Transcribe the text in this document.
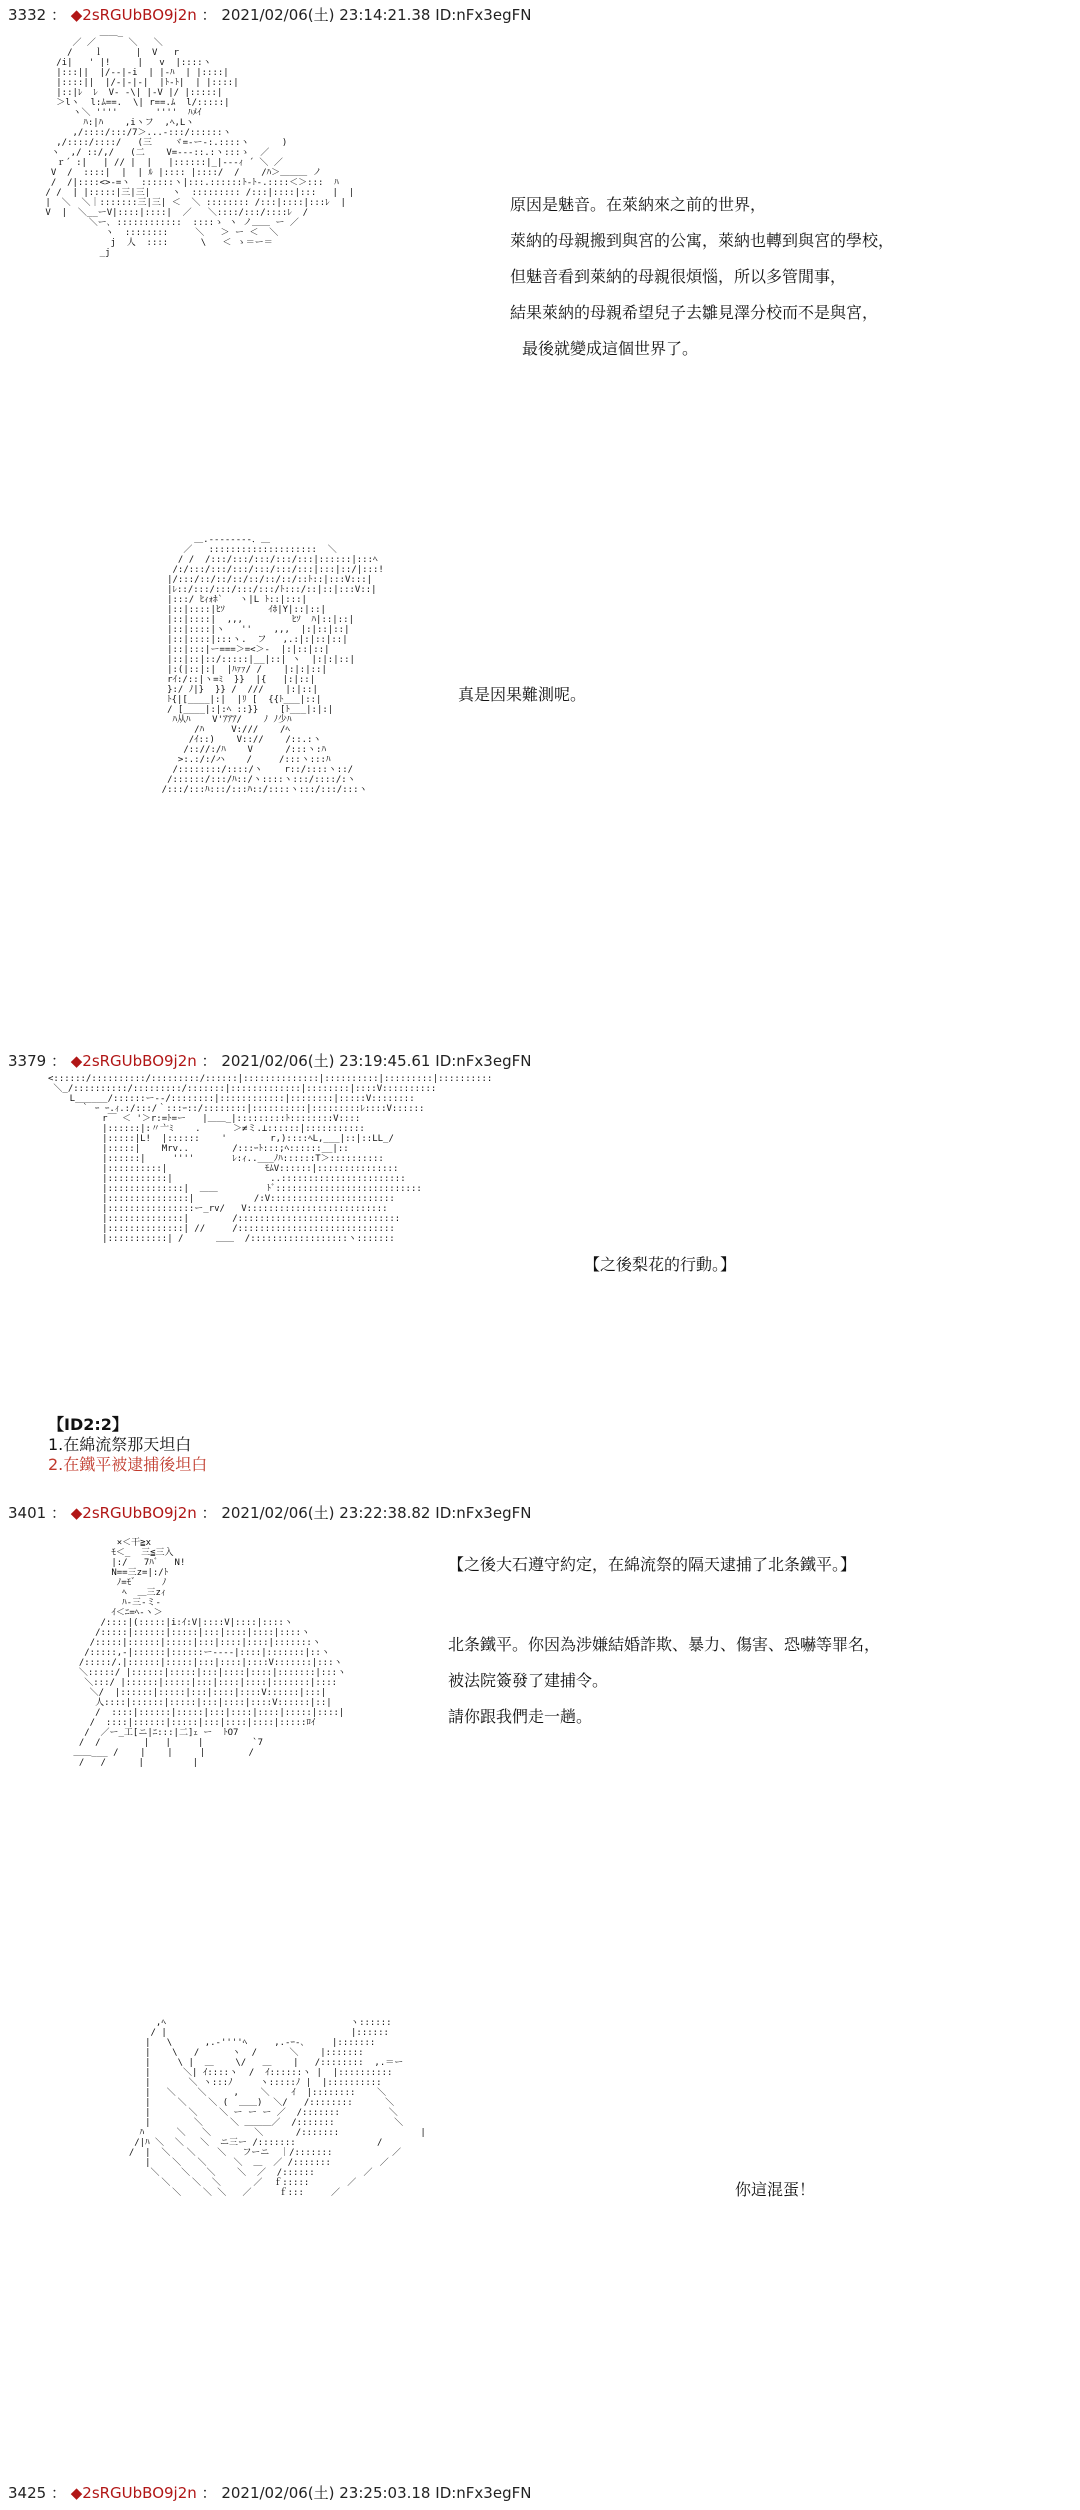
3332 ： ◆2sRGUbBO9j2n ： 2021/02/06(土) 23:14:21.38 ID:nFx3egFN
＿＿_
／ ／      ＼   ＼
/    ｌ      |  V   r
/i|   ' |!     |   v  |::::ヽ
|:::||  |/--|-i  | |-ﾊ  | |::::|
|::::||  |/-|-|-|  |ﾄ-ﾄ|  | |::::|
|::|ﾚ  ﾚ  V- -\| |-V |/ |:::::|
＞lヽ  l:ﾑ==.  \| r==.ﾑ  l/:::::|
ヽ＼ ''''       ''''  ﾊﾒｲ
ﾊ:|ﾊ    ,iヽフ  ,ﾍ,Lヽ
,/::::/:::/7＞...-:::/::::::ヽ
,/::::/::::/   (三    ヾ=-ー‐:.::::ヽ      )
ヽ  ,/ ::/,/   (二    V=--‐::.:ヽ:::ゝ  ／
ｒ´ :|   | // |  |   |::::::|_|-‐-ｨ ´ ＼ ／
V  /  ::::|  |  | ﾙ |:::: |::::/  /    /ﾊ＞＿＿＿ ノ
/  /|::::<>-=ヽ  ::::::ヽ|:::.::::::ﾄ-ﾄ-.::::＜＞:::  ﾊ
/ /  | |:::::|三|三|    ヽ  ::::::::: /:::|::::|:::   |  |
|  ＼  ＼｜:::::::三|三| ＜  ＼ :::::::: /:::|::::|:::ﾚ  |
V  |  ＼__ーV|::::|::::|  ／   ＼::::/:::/::::ﾚ  /
＼ー､ ::::::::::::  ::::ゝ ヽ ノ＿＿ ー ／
ヽ  ::::::::     ＼   ＞ ー ＜  ＼
j  人  ::::      \   ＜ ゝ＝ー＝
_j
原因是魅音。在萊納來之前的世界，
萊納的母親搬到與宮的公寓，萊納也轉到與宮的學校，
但魅音看到萊納的母親很煩惱，所以多管閒事，
結果萊納的母親希望兒子去雛見澤分校而不是與宮，
最後就變成這個世界了。
＿.-‐‐‐‐‐‐-．＿
／   ::::::::::::::::::::  ＼
/ /  /:::/:::/:::/:::/:::|::::::|:::ﾍ
/:/:::/:::/:::/:::/:::/:::|:::|::/|:::!
|/:::/::/::/::/::/::/::/::ﾄ::|:::V:::|
|ﾚ::/:::/:::/:::/:::/ﾄ:::/::|::|:::V::|
|:::/ ﾋｨｫﾎ`   ヽ|L ﾄ::|:::|
|::|::::|ﾋｿ        ｲﾎ|Y|::|::|
|::|::::|  ,,,         ﾋｿ  ﾊ|::|::|
|::|::::|ヽ   ''    ,,,  |:|::|::|
|::|::::|:::ヽ.  フ   ,.:|:|::|::|
|::|:::|ー===＞=<＞-  |:|::|::|
|::|::|::/:::::|__|::| ヽ  |:|:|::|
|:(|::|:|  |ﾊｧｧ/ /    |:|:|::|
rｲ:/::|ヽ=ﾐ  }}  |{   |:|::|
}:/ ﾉ|}  }} /  ///    |:|::|
ﾄ{|[____|:|  |ﾘ [  {{ﾄ___|::|
/ [____|:|:ﾍ ::}}    [ﾄ___|:|:|
ﾊ从ﾊ    V'ｱｱｱ/    ﾉ ﾉ少ﾊ
/ﾊ     V:///    /ﾍ
/ｲ::)    V:://    /::.:ヽ
/:://:/ﾊ    V      /:::ヽ:ﾊ
>:.:/:/ハ    /     /:::ヽ:::ﾊ
/::::::::/::::/ヽ    r::/::::ヽ::/
/::::::/:::/ﾊ::/ヽ::::ヽ:::/::::/:ヽ
/:::/:::ﾊ:::/:::ﾊ::/::::ヽ:::/:::/:::ヽ
真是因果難測呢。
3379 ： ◆2sRGUbBO9j2n ： 2021/02/06(土) 23:19:45.61 ID:nFx3egFN
<::::::/::::::::::/:::::::::/::::::|::::::::::::::|::::::::::|:::::::::|::::::::::
＼_/::::::::::/:::::::::/:::::::|:::::::::::::|::::::::|::::V::::::::::
L______/::::::ー‐‐/::::::::|::::::::::::|::::::::|:::::V::::::::
｀ ｰ ｰ.ｨ.:/:::/｀:::ｰ::/::::::::|::::::::::|:::::::::ﾚ::::V::::::
r￣ ＜ '＞r:=ﾄ=ー   |＿＿_|:::::::::ﾄ::::::::V::::
|::::::|:〃亠ﾐ    .      ＞≠ミ.⊥::::::|:::::::::::
|:::::|L!  |::::::    '        r,)::::ﾍL,___|::|::LL_/
|:::::|    Mrv..        /:::ｰﾄ:::;ﾍ::::::__|::
|::::::|     ''''       ﾚ:ｨ..___ﾉﾊ::::::T＞::::::::::
|::::::::::|                  ﾓﾑV::::::|:::::::::::::::
|:::::::::::|                  ..:::::::::::::::::::::::
|::::::::::::::|  ＿＿         ﾄﾞ:::::::::::::::::::::::::::
|:::::::::::::::|           /:V:::::::::::::::::::::::
|::::::::::::::::ー_rv/   V::::::::::::::::::::::::::
|::::::::::::::|        /::::::::::::::::::::::::::::::
|::::::::::::::| //     /:::::::::::::::::::::::::::::
|:::::::::::| /      ＿＿  /::::::::::::::::::ヽ:::::::
【之後梨花的行動。】
【ID2:2】
1.在綿流祭那天坦白
2.在鐵平被逮捕後坦白
3401 ： ◆2sRGUbBO9j2n ： 2021/02/06(土) 23:22:38.82 ID:nFx3egFN
×＜干≧x
ﾓ＜_  三≦三入
|:/   7ﾊﾞ   N!
N==三z=|:/ﾄ
ﾉ=ﾓ゛    ﾉ
ﾍ  ＿三zｨ
ﾊ-三-ミ-
ｲ＜ﾆ=ﾍ-ヽ＞
/::::|(:::::|i:ｲ:V|::::V|::::|::::ヽ
/:::::|::::::|:::::|:::|::::|::::|::::ヽ
/:::::|::::::|:::::|:::|::::|::::|:::::::ヽ
/:::::,-|::::::|::::::ー‐‐‐‐|::::|:::::::|::ヽ
/:::::/.|::::::|:::::|:::|::::|::::V:::::::|:::ヽ
＼:::::/ |::::::|:::::|:::|::::|::::|:::::::|:::ヽ
＼:::/ |::::::|:::::|:::|::::|::::|:::::::|::::
＼/  |::::::|:::::|:::|::::|::::V::::::|:::|
人::::|::::::|:::::|:::|::::|::::V::::::|::|
/  ::::|::::::|:::::|:::|::::|::::|:::::|::::|
/  ::::|::::::|:::::|:::|::::|::::|:::::ﾛｲ
/  ／ー_工[ニ|ﾆ:::|二]ｪ ー  ﾄO7
/  /        |   |     |         `7
＿＿___ /    |    |     |        /
/   /      |         |
【之後大石遵守約定，在綿流祭的隔天逮捕了北条鐵平。】
北条鐵平。你因為涉嫌結婚詐欺、暴力、傷害、恐嚇等罪名，
被法院簽發了建捕令。
請你跟我們走一趟。
,ﾍ                                  ヽ::::::
/ |                                  |::::::
|   \      ,.-''''ﾍ     ,.-ｰ-､     |:::::::
|    \   /      ヽ  /      ＼    |:::::::
|     \ |  ＿    \/   ＿    |   /::::::::  ,.＝ー
|      ＼| ｲ::::ヽ  /  ｲ::::::ヽ |  |::::::::::
|       ＼ ヽ:::ﾉ     ヽ:::::ﾉ |  |::::::::::
|   ＼    ＼     ,    ＼    ｲ  |::::::::    ＼
|     ＼    ＼ (  ＿＿)  ＼/   /::::::::      ＼
|       ＼    ＼ ー ー ー ／  /:::::::         ＼
|        ＼     ＼ ＿＿＿／  /:::::::           ＼
ﾊ      ＼   ＼        ＼      /:::::::               |
/|ﾊ ＼  ＼   ＼  ニ三ー /:::::::               /
/  |  ＼   ＼    ＼   フーニ  ｜/:::::::           ／
|    ＼   ＼     ＼  ＿  ／ /:::::::         ／
＼    ＼   ＼    ＼  ／  /::::::         ／
＼    ＼  ＼      ／  ｆ:::::       ／
＼    ＼ ＼   ／     ｆ:::     ／	你這混蛋！
3425 ： ◆2sRGUbBO9j2n ： 2021/02/06(土) 23:25:03.18 ID:nFx3egFN
